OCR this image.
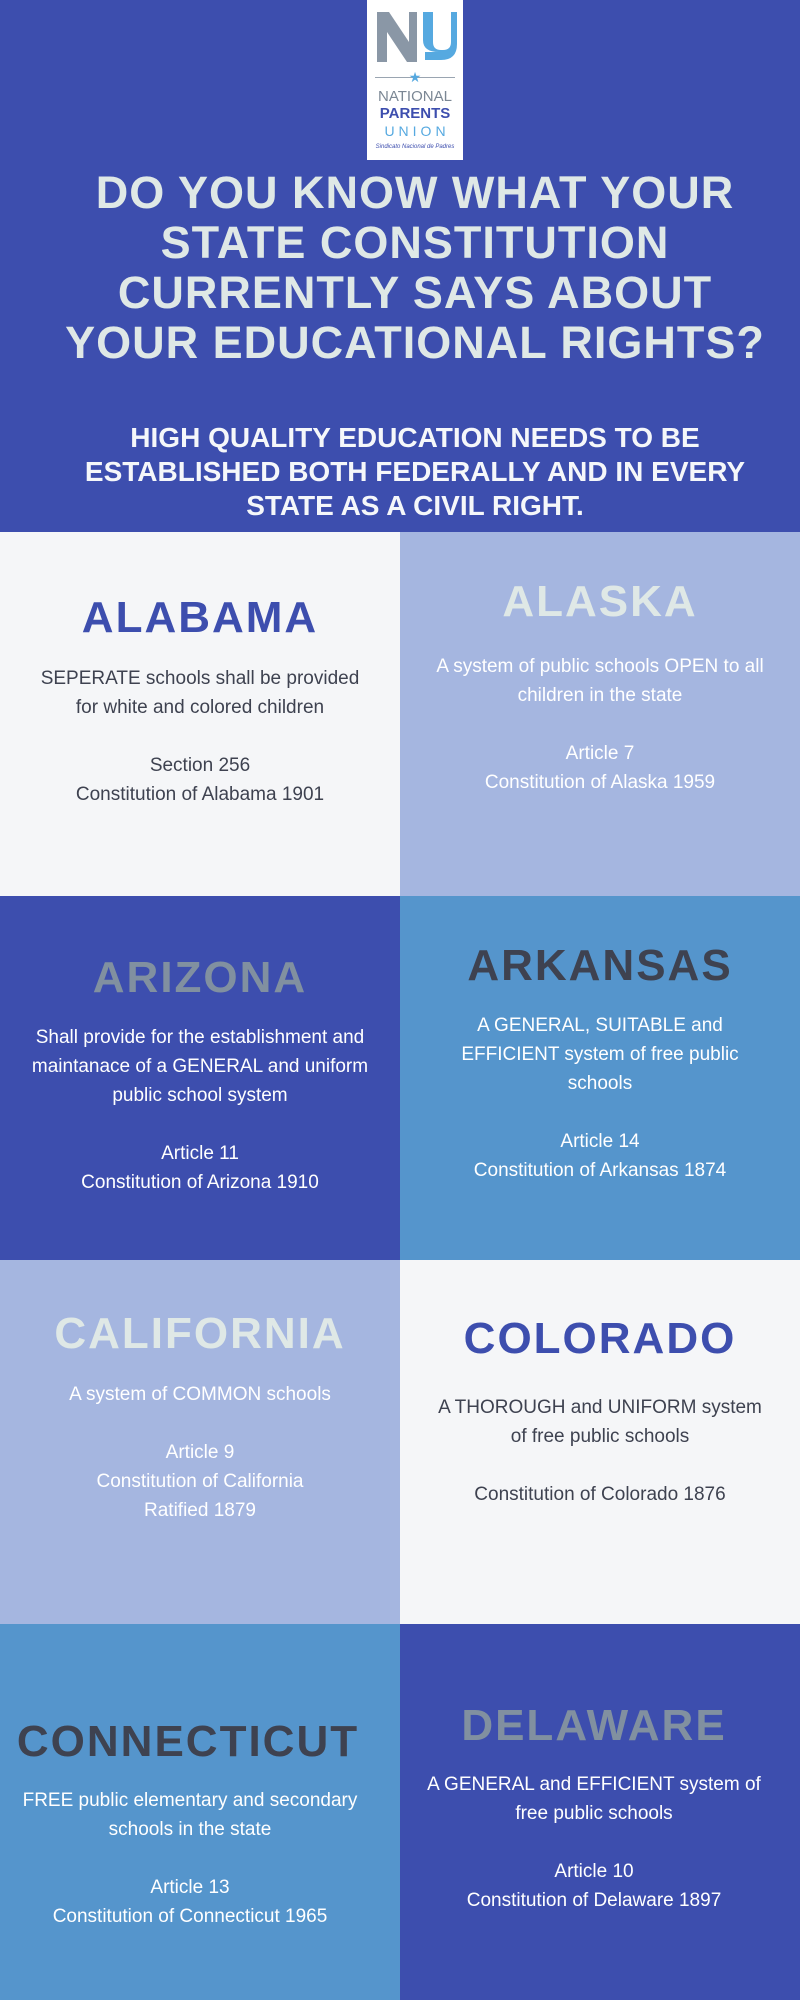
★
NATIONAL
PARENTS
UNION
Sindicato Nacional de Padres
DO YOU KNOW WHAT YOUR STATE CONSTITUTION CURRENTLY SAYS ABOUT YOUR EDUCATIONAL RIGHTS?
HIGH QUALITY EDUCATION NEEDS TO BE ESTABLISHED BOTH FEDERALLY AND IN EVERY STATE AS A CIVIL RIGHT.
ALABAMA
SEPERATE schools shall be provided for white and colored children
Section 256
Constitution of Alabama 1901
ALASKA
A system of public schools OPEN to all children in the state
Article 7
Constitution of Alaska 1959
ARIZONA
Shall provide for the establishment and maintanace of a GENERAL and uniform public school system
Article 11
Constitution of Arizona 1910
ARKANSAS
A GENERAL, SUITABLE and EFFICIENT system of free public schools
Article 14
Constitution of Arkansas 1874
CALIFORNIA
A system of COMMON schools
Article 9
Constitution of California
Ratified 1879
COLORADO
A THOROUGH and UNIFORM system of free public schools
Constitution of Colorado 1876
CONNECTICUT
FREE public elementary and secondary schools in the state
Article 13
Constitution of Connecticut 1965
DELAWARE
A GENERAL and EFFICIENT system of free public schools
Article 10
Constitution of Delaware 1897
